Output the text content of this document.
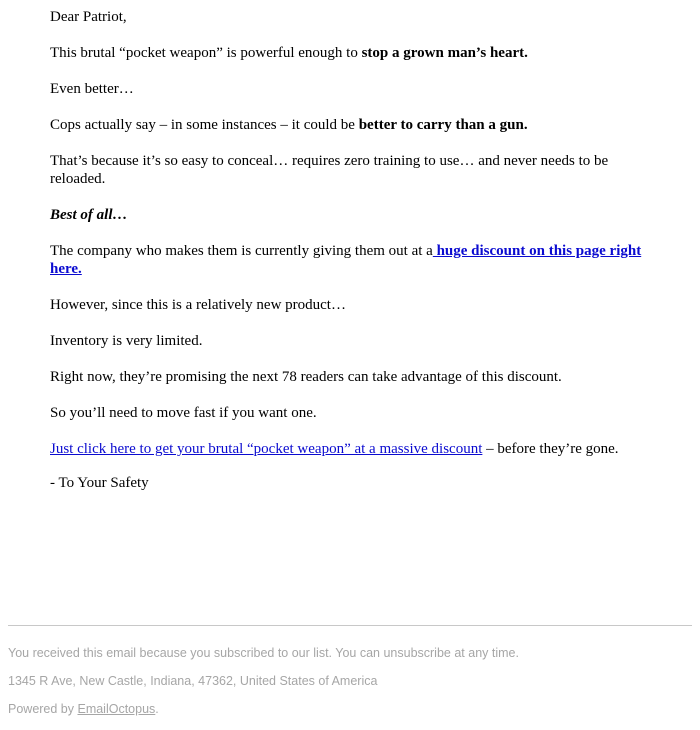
Dear Patriot,

This brutal “pocket weapon” is powerful enough to stop a grown man’s heart.

Even better…

Cops actually say – in some instances – it could be better to carry than a gun.

That’s because it’s so easy to conceal… requires zero training to use… and never needs to be reloaded.

Best of all…

The company who makes them is currently giving them out at a huge discount on this page right here.

However, since this is a relatively new product…

Inventory is very limited.

Right now, they’re promising the next 78 readers can take advantage of this discount.

So you’ll need to move fast if you want one.

Just click here to get your brutal “pocket weapon” at a massive discount – before they’re gone.

- To Your Safety

You received this email because you subscribed to our list. You can unsubscribe at any time.

1345 R Ave, New Castle, Indiana, 47362, United States of America

Powered by EmailOctopus.
